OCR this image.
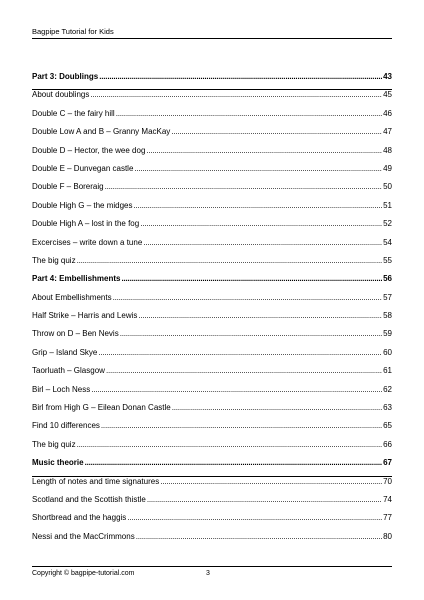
Bagpipe Tutorial for Kids
Part 3: Doublings .....	43
About doublings .....	45
Double C – the fairy hill .....	46
Double Low A and B – Granny MacKay .....	47
Double D – Hector, the wee dog .....	48
Double E – Dunvegan castle .....	49
Double F – Boreraig .....	50
Double High G – the midges .....	51
Double High A – lost in the fog .....	52
Excercises – write down a tune .....	54
The big quiz .....	55
Part 4: Embellishments .....	56
About Embellishments .....	57
Half Strike – Harris and Lewis .....	58
Throw on D – Ben Nevis .....	59
Grip – Island Skye .....	60
Taorluath – Glasgow .....	61
Birl – Loch Ness .....	62
Birl from High G – Eilean Donan Castle .....	63
Find 10 differences .....	65
The big quiz .....	66
Music theorie .....	67
Length of notes and time signatures .....	70
Scotland and the Scottish thistle .....	74
Shortbread and the haggis .....	77
Nessi and the MacCrimmons .....	80
Copyright © bagpipe-tutorial.com	3
